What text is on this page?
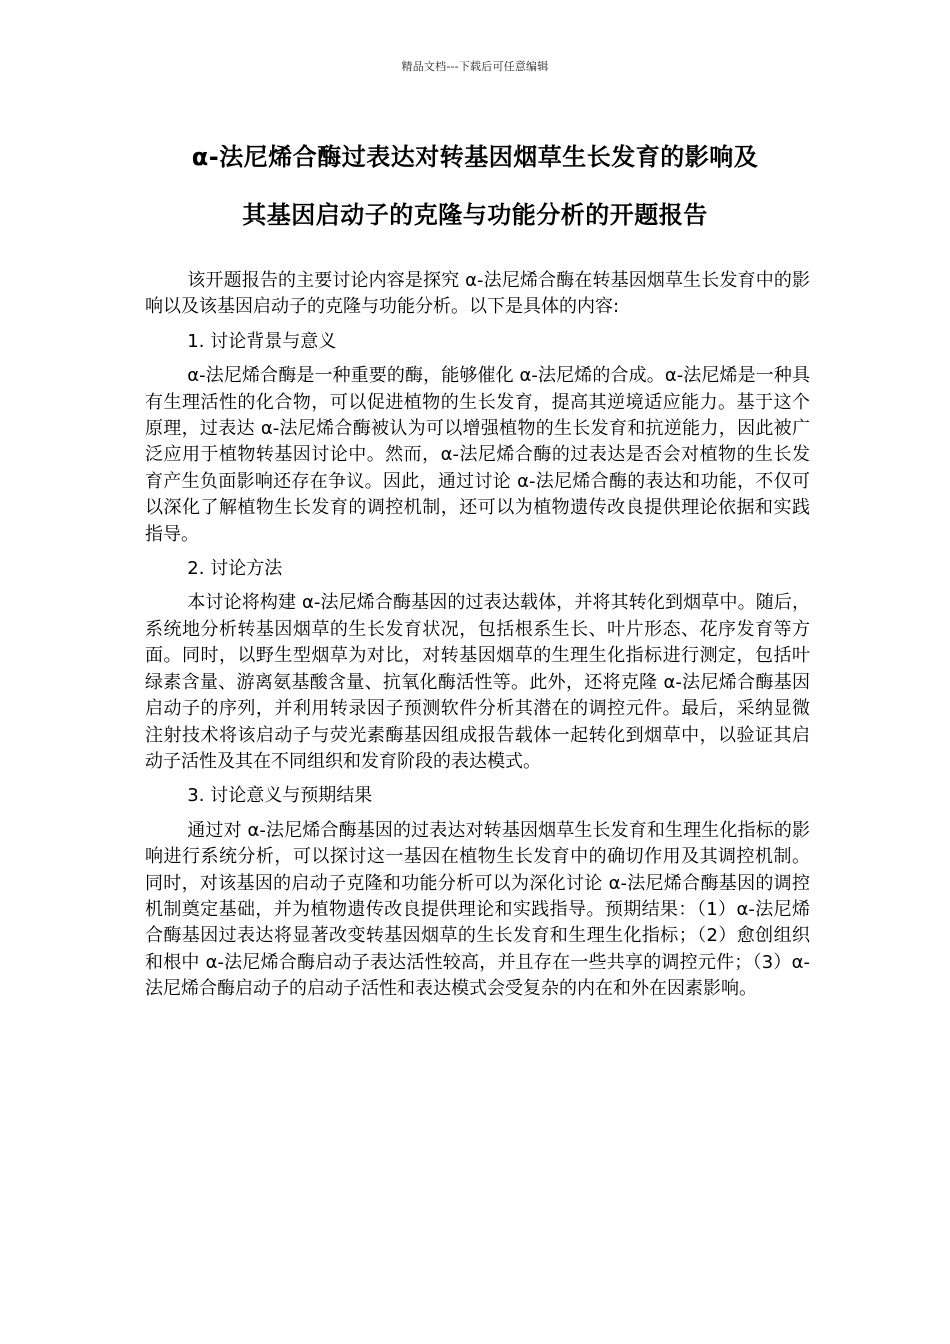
精品文档---下载后可任意编辑
α-法尼烯合酶过表达对转基因烟草生长发育的影响及
其基因启动子的克隆与功能分析的开题报告

该开题报告的主要讨论内容是探究 α-法尼烯合酶在转基因烟草生长发育中的影响以及该基因启动子的克隆与功能分析。以下是具体的内容:

1. 讨论背景与意义

α-法尼烯合酶是一种重要的酶，能够催化 α-法尼烯的合成。α-法尼烯是一种具有生理活性的化合物，可以促进植物的生长发育，提高其逆境适应能力。基于这个原理，过表达 α-法尼烯合酶被认为可以增强植物的生长发育和抗逆能力，因此被广泛应用于植物转基因讨论中。然而，α-法尼烯合酶的过表达是否会对植物的生长发育产生负面影响还存在争议。因此，通过讨论 α-法尼烯合酶的表达和功能，不仅可以深化了解植物生长发育的调控机制，还可以为植物遗传改良提供理论依据和实践指导。

2. 讨论方法

本讨论将构建 α-法尼烯合酶基因的过表达载体，并将其转化到烟草中。随后，系统地分析转基因烟草的生长发育状况，包括根系生长、叶片形态、花序发育等方面。同时，以野生型烟草为对比，对转基因烟草的生理生化指标进行测定，包括叶绿素含量、游离氨基酸含量、抗氧化酶活性等。此外，还将克隆 α-法尼烯合酶基因启动子的序列，并利用转录因子预测软件分析其潜在的调控元件。最后，采纳显微注射技术将该启动子与荧光素酶基因组成报告载体一起转化到烟草中，以验证其启动子活性及其在不同组织和发育阶段的表达模式。

3. 讨论意义与预期结果

通过对 α-法尼烯合酶基因的过表达对转基因烟草生长发育和生理生化指标的影响进行系统分析，可以探讨这一基因在植物生长发育中的确切作用及其调控机制。同时，对该基因的启动子克隆和功能分析可以为深化讨论 α-法尼烯合酶基因的调控机制奠定基础，并为植物遗传改良提供理论和实践指导。预期结果：（1）α-法尼烯合酶基因过表达将显著改变转基因烟草的生长发育和生理生化指标；（2）愈创组织和根中 α-法尼烯合酶启动子表达活性较高，并且存在一些共享的调控元件；（3）α-法尼烯合酶启动子的启动子活性和表达模式会受复杂的内在和外在因素影响。
